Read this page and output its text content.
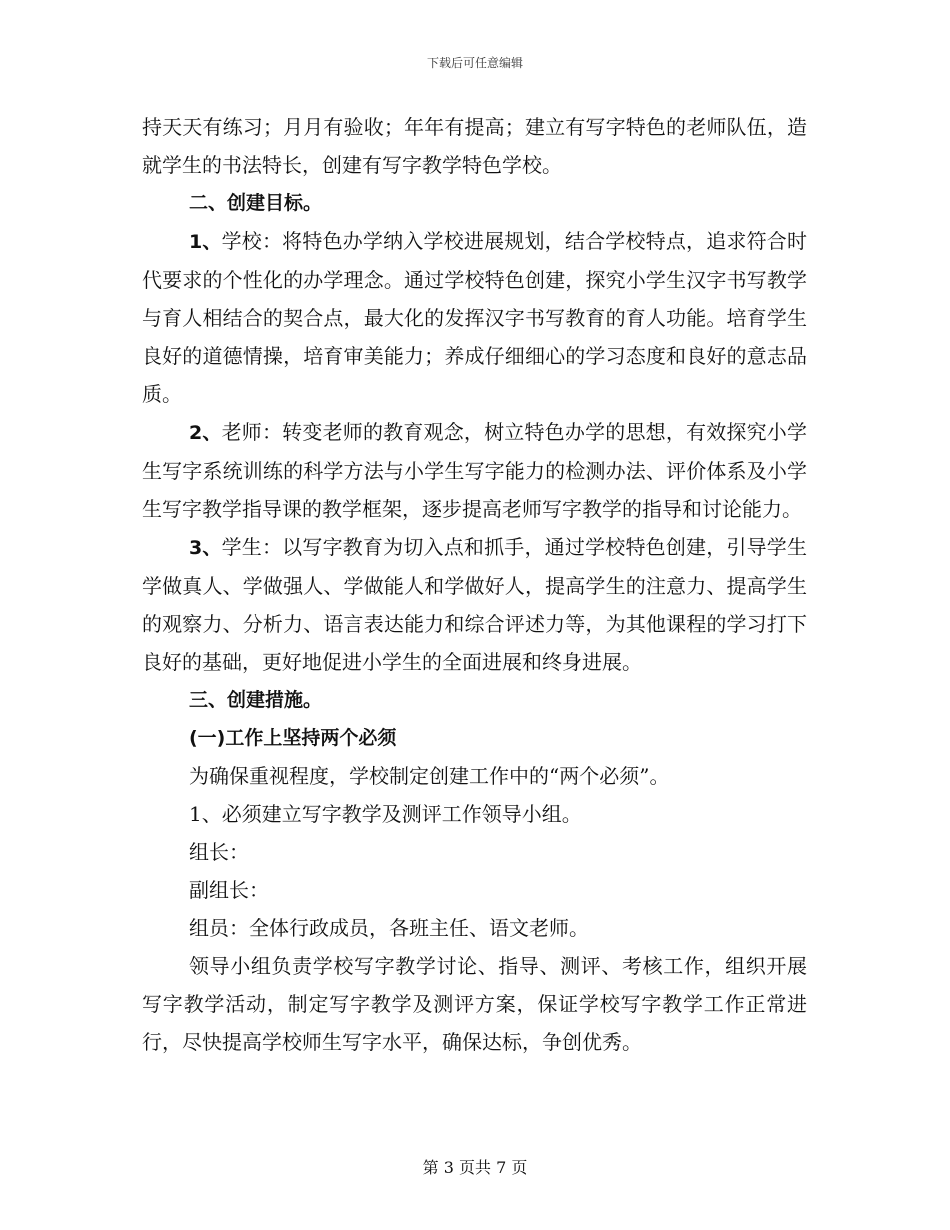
下载后可任意编辑

持天天有练习；月月有验收；年年有提高；建立有写字特色的老师队伍，造就学生的书法特长，创建有写字教学特色学校。

二、创建目标。

1、学校：将特色办学纳入学校进展规划，结合学校特点，追求符合时代要求的个性化的办学理念。通过学校特色创建，探究小学生汉字书写教学与育人相结合的契合点，最大化的发挥汉字书写教育的育人功能。培育学生良好的道德情操，培育审美能力；养成仔细细心的学习态度和良好的意志品质。

2、老师：转变老师的教育观念，树立特色办学的思想，有效探究小学生写字系统训练的科学方法与小学生写字能力的检测办法、评价体系及小学生写字教学指导课的教学框架，逐步提高老师写字教学的指导和讨论能力。

3、学生：以写字教育为切入点和抓手，通过学校特色创建，引导学生学做真人、学做强人、学做能人和学做好人，提高学生的注意力、提高学生的观察力、分析力、语言表达能力和综合评述力等，为其他课程的学习打下良好的基础，更好地促进小学生的全面进展和终身进展。

三、创建措施。

(一)工作上坚持两个必须

为确保重视程度，学校制定创建工作中的“两个必须”。

1、必须建立写字教学及测评工作领导小组。

组长：

副组长：

组员：全体行政成员，各班主任、语文老师。

领导小组负责学校写字教学讨论、指导、测评、考核工作，组织开展写字教学活动，制定写字教学及测评方案，保证学校写字教学工作正常进行，尽快提高学校师生写字水平，确保达标，争创优秀。

第 3 页共 7 页
